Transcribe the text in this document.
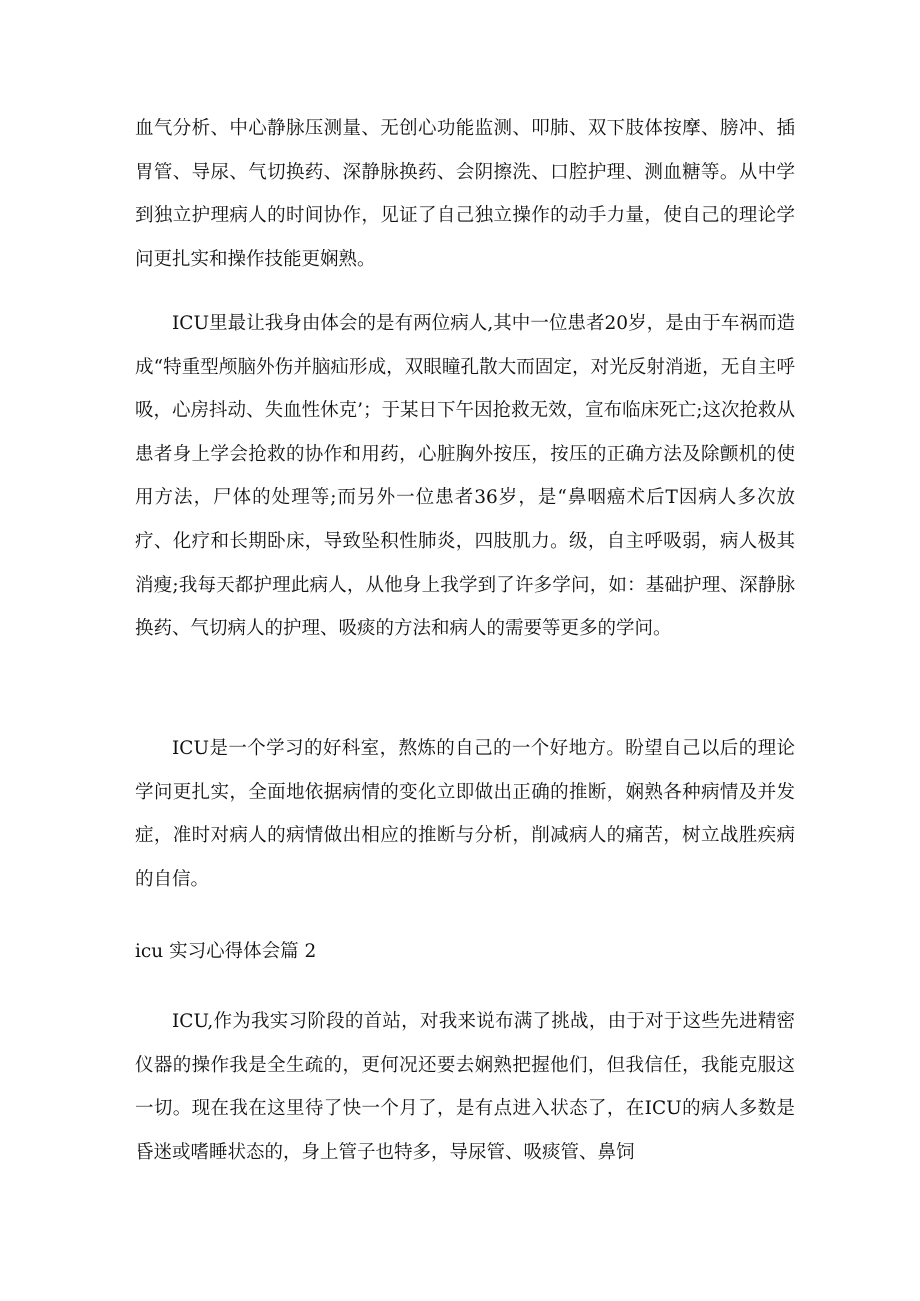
血气分析、中心静脉压测量、无创心功能监测、叩肺、双下肢体按摩、膀冲、插胃管、导尿、气切换药、深静脉换药、会阴擦洗、口腔护理、测血糖等。从中学到独立护理病人的时间协作，见证了自己独立操作的动手力量，使自己的理论学问更扎实和操作技能更娴熟。

ICU里最让我身由体会的是有两位病人,其中一位患者20岁，是由于车祸而造成“特重型颅脑外伤并脑疝形成，双眼瞳孔散大而固定，对光反射消逝，无自主呼吸，心房抖动、失血性休克’；于某日下午因抢救无效，宣布临床死亡;这次抢救从患者身上学会抢救的协作和用药，心脏胸外按压，按压的正确方法及除颤机的使用方法，尸体的处理等;而另外一位患者36岁，是“鼻咽癌术后T因病人多次放疗、化疗和长期卧床，导致坠积性肺炎，四肢肌力。级，自主呼吸弱，病人极其消瘦;我每天都护理此病人，从他身上我学到了许多学问，如：基础护理、深静脉换药、气切病人的护理、吸痰的方法和病人的需要等更多的学问。

icu 实习心得体会篇 2

ICU是一个学习的好科室，熬炼的自己的一个好地方。盼望自己以后的理论学问更扎实，全面地依据病情的变化立即做出正确的推断，娴熟各种病情及并发症，准时对病人的病情做出相应的推断与分析，削减病人的痛苦，树立战胜疾病的自信。

ICU,作为我实习阶段的首站，对我来说布满了挑战，由于对于这些先进精密仪器的操作我是全生疏的，更何况还要去娴熟把握他们，但我信任，我能克服这一切。现在我在这里待了快一个月了，是有点进入状态了，在ICU的病人多数是昏迷或嗜睡状态的，身上管子也特多，导尿管、吸痰管、鼻饲
